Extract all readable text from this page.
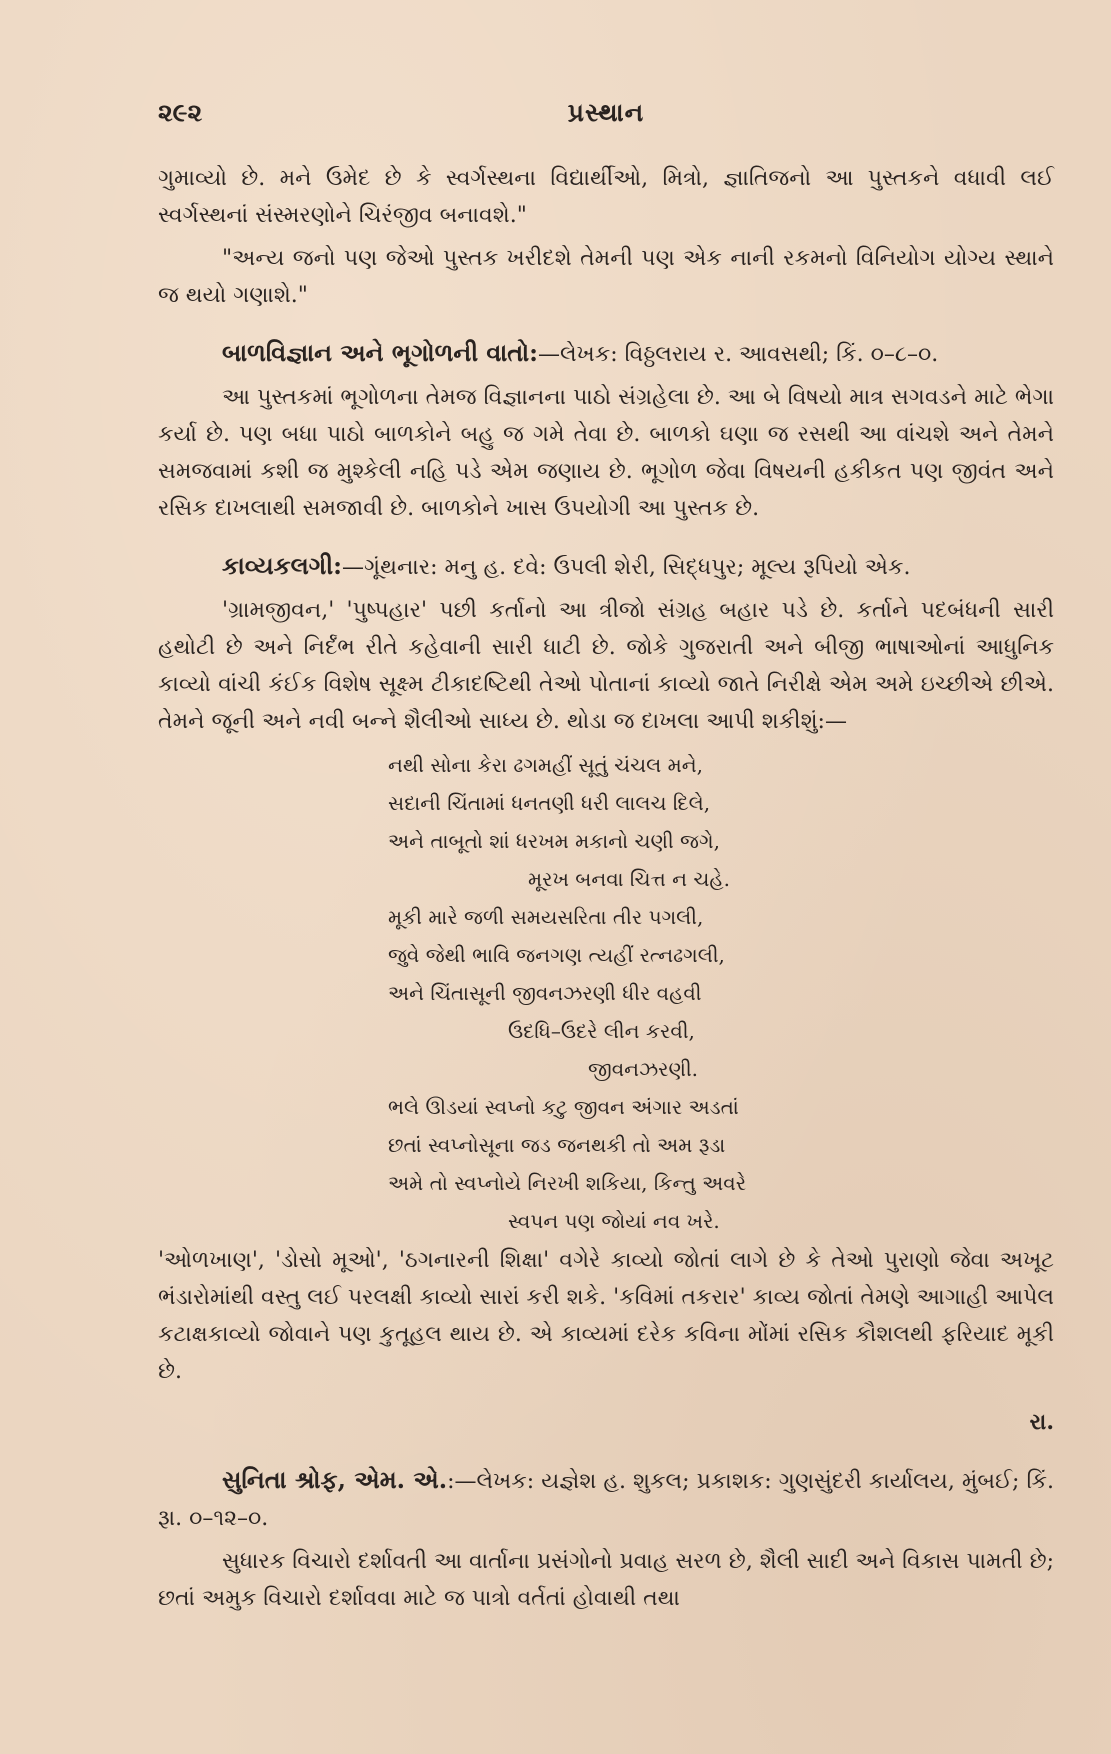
૨૯૨	પ્રસ્થાન

ગુમાવ્યો છે. મને ઉમેદ છે કે સ્વર્ગસ્થના વિદ્યાર્થીઓ, મિત્રો, જ્ઞાતિજનો આ પુસ્તકને વધાવી લઈ સ્વર્ગસ્થનાં સંસ્મરણોને ચિરંજીવ બનાવશે."

"અન્ય જનો પણ જેઓ પુસ્તક ખરીદશે તેમની પણ એક નાની રકમનો વિનિયોગ યોગ્ય સ્થાને જ થયો ગણાશે."

બાળવિજ્ઞાન અને ભૂગોળની વાતો:—લેખક: વિઠ્ઠલરાય ર. આવસથી; કિં. ૦–૮–૦.

આ પુસ્તકમાં ભૂગોળના તેમજ વિજ્ઞાનના પાઠો સંગ્રહેલા છે. આ બે વિષયો માત્ર સગવડને માટે ભેગા કર્યા છે. પણ બધા પાઠો બાળકોને બહુ જ ગમે તેવા છે. બાળકો ઘણા જ રસથી આ વાંચશે અને તેમને સમજવામાં કશી જ મુશ્કેલી નહિ પડે એમ જણાય છે. ભૂગોળ જેવા વિષયની હકીકત પણ જીવંત અને રસિક દાખલાથી સમજાવી છે. બાળકોને ખાસ ઉપયોગી આ પુસ્તક છે.

કાવ્યકલગી:—ગૂંથનાર: મનુ હ. દવે: ઉપલી શેરી, સિદ્ધપુર; મૂલ્ય રૂપિયો એક.

'ગ્રામજીવન,' 'પુષ્પહાર' પછી કર્તાનો આ ત્રીજો સંગ્રહ બહાર પડે છે. કર્તાને પદબંધની સારી હથોટી છે અને નિર્દંભ રીતે કહેવાની સારી ધાટી છે. જોકે ગુજરાતી અને બીજી ભાષાઓનાં આધુનિક કાવ્યો વાંચી કંઈક વિશેષ સૂક્ષ્મ ટીકાદષ્ટિથી તેઓ પોતાનાં કાવ્યો જાતે નિરીક્ષે એમ અમે ઇચ્છીએ છીએ. તેમને જૂની અને નવી બન્ને શૈલીઓ સાધ્ય છે. થોડા જ દાખલા આપી શકીશું:—

નથી સોના કેરા ઢગમહીં સૂતું ચંચલ મને,
સદાની ચિંતામાં ધનતણી ધરી લાલચ દિલે,
અને તાબૂતો શાં ધરખમ મકાનો ચણી જગે,
મૂરખ બનવા ચિત્ત ન ચહે.
મૂકી મારે જળી સમયસરિતા તીર પગલી,
જુવે જેથી ભાવિ જનગણ ત્યહીં રત્નઢગલી,
અને ચિંતાસૂની જીવનઝરણી ધીર વહવી
ઉદધિ–ઉદરે લીન કરવી,
જીવનઝરણી.
ભલે ઊડયાં સ્વપ્નો કટુ જીવન અંગાર અડતાં
છતાં સ્વપ્નોસૂના જડ જનથકી તો અમ રૂડા
અમે તો સ્વપ્નોયે નિરખી શકિયા, કિન્તુ અવરે
સ્વપન પણ જોયાં નવ ખરે.

'ઓળખાણ', 'ડોસો મૂઓ', 'ઠગનારની શિક્ષા' વગેરે કાવ્યો જોતાં લાગે છે કે તેઓ પુરાણો જેવા અખૂટ ભંડારોમાંથી વસ્તુ લઈ પરલક્ષી કાવ્યો સારાં કરી શકે. 'કવિમાં તકરાર' કાવ્ય જોતાં તેમણે આગાહી આપેલ કટાક્ષકાવ્યો જોવાને પણ કુતૂહલ થાય છે. એ કાવ્યમાં દરેક કવિના મોંમાં રસિક કૌશલથી ફરિયાદ મૂકી છે.

રા.

સુનિતા શ્રોફ, એમ. એ.:—લેખક: યજ્ઞેશ હ. શુકલ; પ્રકાશક: ગુણસુંદરી કાર્યાલય, મુંબઈ; કિં. રૂા. ૦–૧૨–૦.

સુધારક વિચારો દર્શાવતી આ વાર્તાના પ્રસંગોનો પ્રવાહ સરળ છે, શૈલી સાદી અને વિકાસ પામતી છે; છતાં અમુક વિચારો દર્શાવવા માટે જ પાત્રો વર્તતાં હોવાથી તથા
